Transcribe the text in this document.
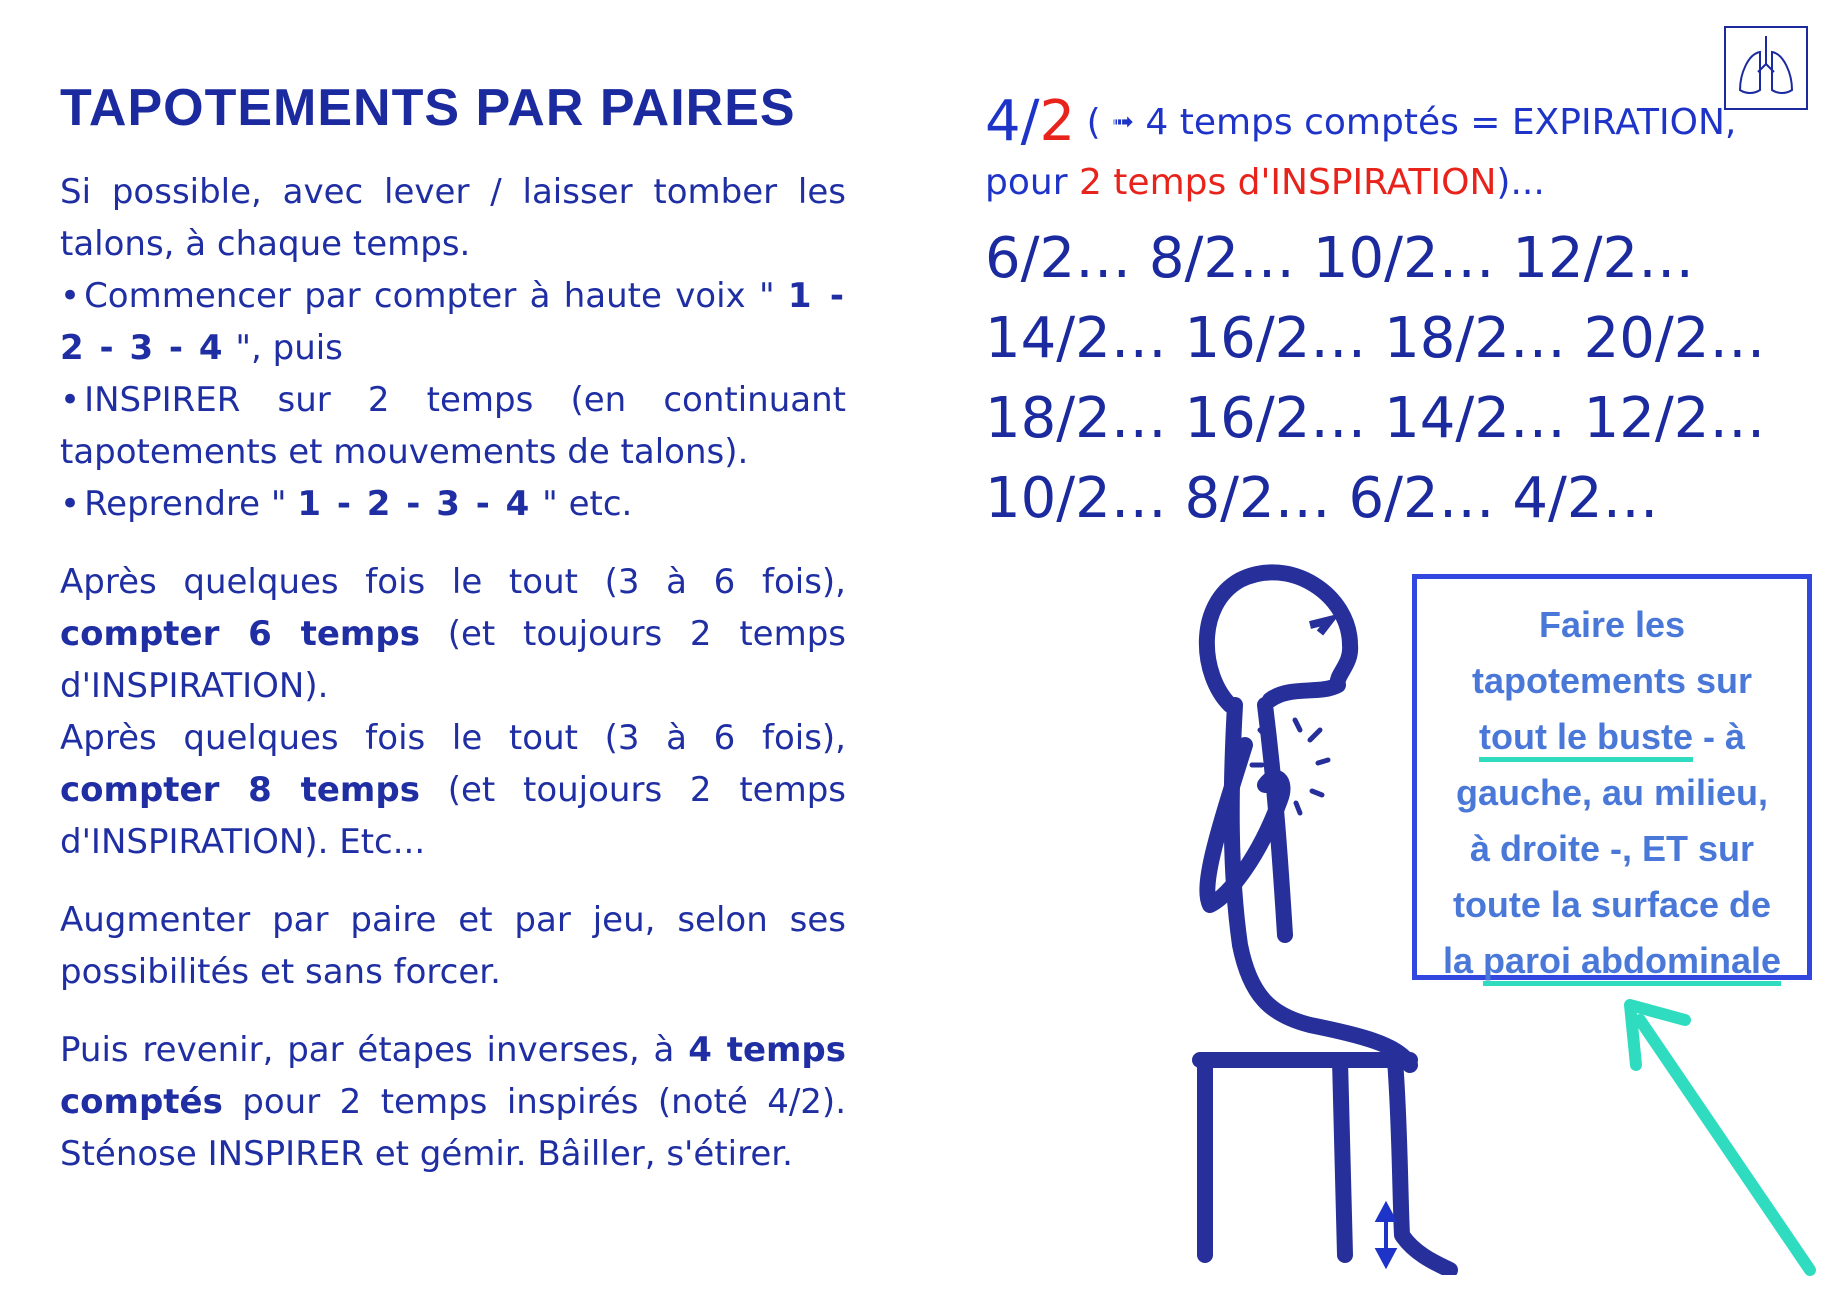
TAPOTEMENTS PAR PAIRES

Si possible, avec lever / laisser tomber les talons, à chaque temps.

• Commencer par compter à haute voix " 1 - 2 - 3 - 4 ", puis

• INSPIRER sur 2 temps (en continuant tapotements et mouvements de talons).

• Reprendre " 1 - 2 - 3 - 4 " etc.

Après quelques fois le tout (3 à 6 fois), compter 6 temps (et toujours 2 temps d'INSPIRATION).

Après quelques fois le tout (3 à 6 fois), compter 8 temps (et toujours 2 temps d'INSPIRATION). Etc...

Augmenter par paire et par jeu, selon ses possibilités et sans forcer.

Puis revenir, par étapes inverses, à 4 temps comptés pour 2 temps inspirés (noté 4/2). Sténose INSPIRER et gémir. Bâiller, s'étirer.

4/2 ( ➟ 4 temps comptés = EXPIRATION,
pour 2 temps d'INSPIRATION)...
6/2… 8/2… 10/2… 12/2…
14/2… 16/2… 18/2… 20/2…
18/2… 16/2… 14/2… 12/2…
10/2… 8/2… 6/2… 4/2…
Faire les
tapotements sur
tout le buste - à
gauche, au milieu,
à droite -, ET sur
toute la surface de
la paroi abdominale
